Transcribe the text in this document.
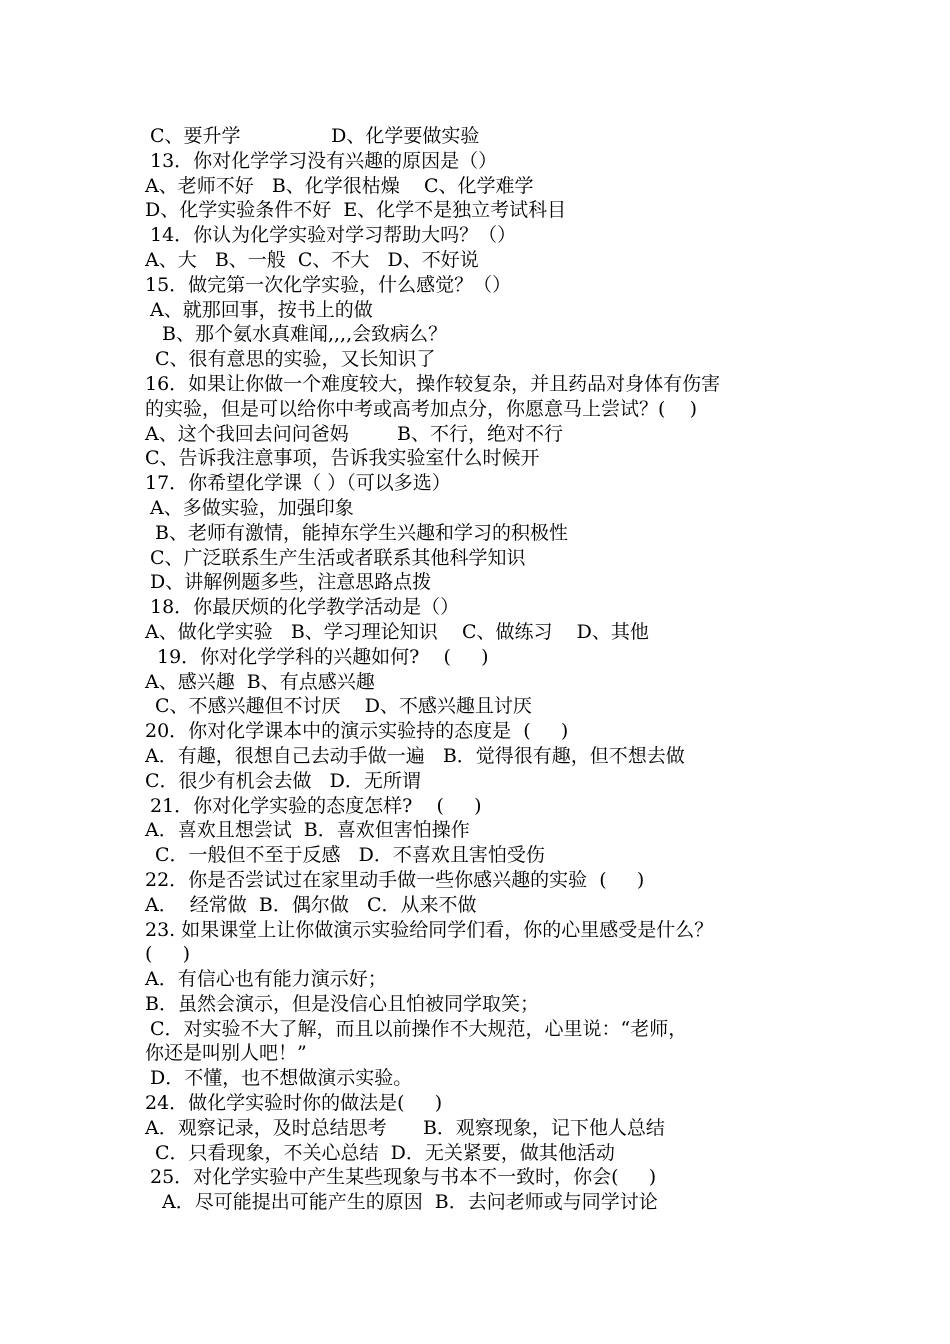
C、要升学               D、化学要做实验
13．你对化学学习没有兴趣的原因是（）
A、老师不好   B、化学很枯燥    C、化学难学
D、化学实验条件不好  E、化学不是独立考试科目
14．你认为化学实验对学习帮助大吗？（）
A、大   B、一般  C、不大   D、不好说
15．做完第一次化学实验，什么感觉？（）
A、就那回事，按书上的做
B、那个氨水真难闻,,,,会致病么？
C、很有意思的实验，又长知识了
16．如果让你做一个难度较大，操作较复杂，并且药品对身体有伤害
的实验，但是可以给你中考或高考加点分，你愿意马上尝试？(    )
A、这个我回去问问爸妈        B、不行，绝对不行
C、告诉我注意事项，告诉我实验室什么时候开
17．你希望化学课（ ）（可以多选）
A、多做实验，加强印象
B、老师有激情，能掉东学生兴趣和学习的积极性
C、广泛联系生产生活或者联系其他科学知识
D、讲解例题多些，注意思路点拨
18．你最厌烦的化学教学活动是（）
A、做化学实验   B、学习理论知识    C、做练习    D、其他
19．你对化学学科的兴趣如何?    (     )
A、感兴趣  B、有点感兴趣
C、不感兴趣但不讨厌    D、不感兴趣且讨厌
20．你对化学课本中的演示实验持的态度是  (     )
A．有趣，很想自己去动手做一遍   B．觉得很有趣，但不想去做
C．很少有机会去做   D．无所谓
21．你对化学实验的态度怎样?    (     )
A．喜欢且想尝试  B．喜欢但害怕操作
C．一般但不至于反感   D．不喜欢且害怕受伤
22．你是否尝试过在家里动手做一些你感兴趣的实验  (     )
A．  经常做  B．偶尔做   C．从来不做
23. 如果课堂上让你做演示实验给同学们看，你的心里感受是什么？
(     )
A．有信心也有能力演示好；
B．虽然会演示，但是没信心且怕被同学取笑；
C．对实验不大了解，而且以前操作不大规范，心里说：“老师，
你还是叫别人吧！”
D．不懂，也不想做演示实验。
24．做化学实验时你的做法是(     )
A．观察记录，及时总结思考      B．观察现象，记下他人总结
C．只看现象，不关心总结  D．无关紧要，做其他活动
25．对化学实验中产生某些现象与书本不一致时，你会(     )
A．尽可能提出可能产生的原因  B．去问老师或与同学讨论
